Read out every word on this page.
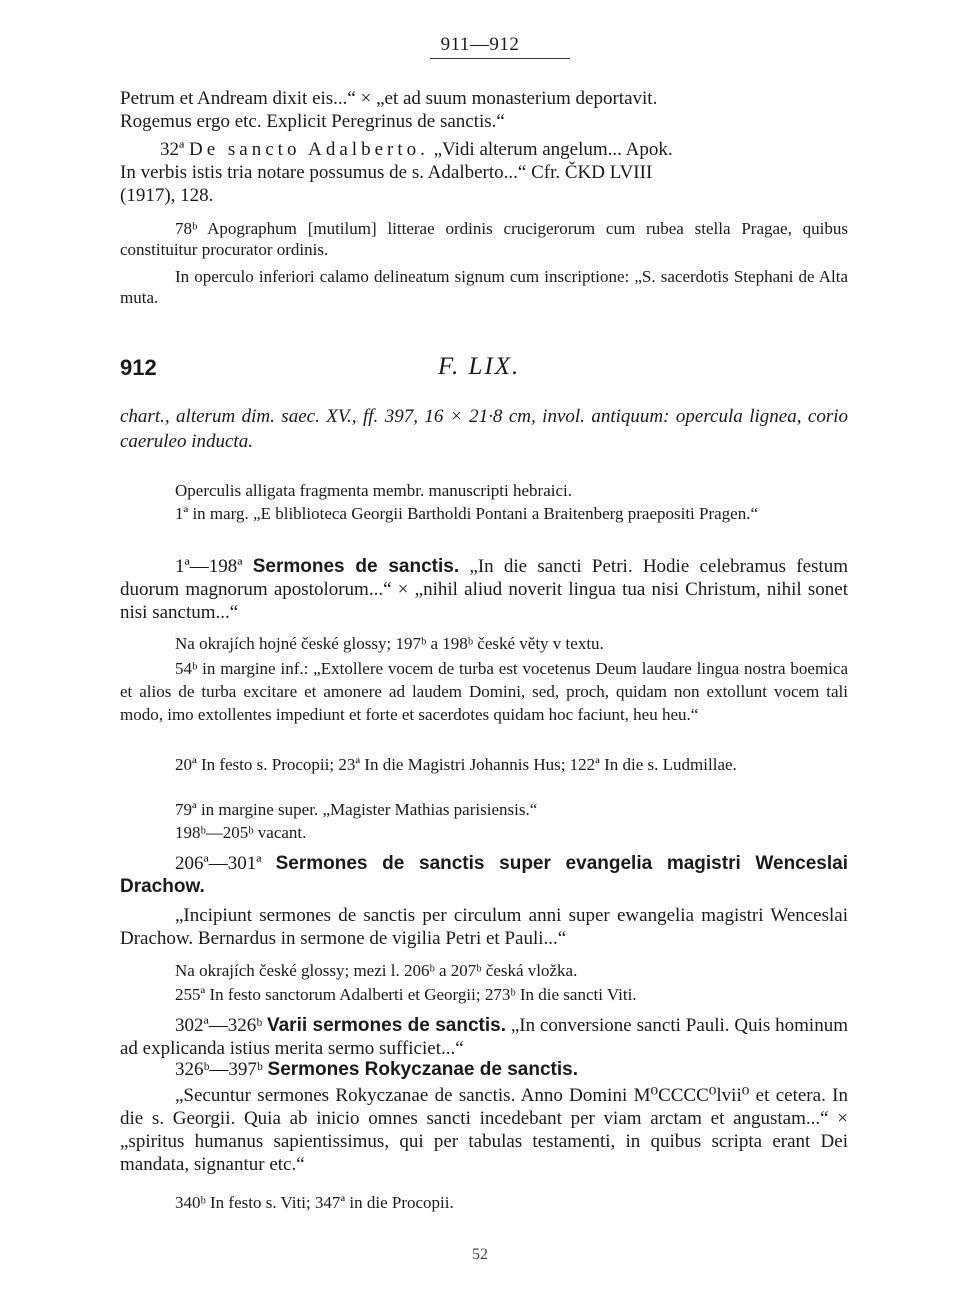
911—912

Petrum et Andream dixit eis...“ × „et ad suum monasterium deportavit.

Rogemus ergo etc. Explicit Peregrinus de sanctis.“

32ª De sancto Adalberto. „Vidi alterum angelum... Apok.

In verbis istis tria notare possumus de s. Adalberto...“ Cfr. ČKD LVIII

(1917), 128.

78ᵇ Apographum [mutilum] litterae ordinis crucigerorum cum rubea stella Pragae, quibus constituitur procurator ordinis.

In operculo inferiori calamo delineatum signum cum inscriptione: „S. sacerdotis Stephani de Alta muta.

912	F. LIX.

chart., alterum dim. saec. XV., ff. 397, 16 × 21·8 cm, invol. antiquum: opercula lignea, corio caeruleo inducta.

Operculis alligata fragmenta membr. manuscripti hebraici.

1ª in marg. „E bliblioteca Georgii Bartholdi Pontani a Braitenberg praepositi Pragen.“

1ª—198ª Sermones de sanctis. „In die sancti Petri. Hodie celebramus festum duorum magnorum apostolorum...“ × „nihil aliud noverit lingua tua nisi Christum, nihil sonet nisi sanctum...“

Na okrajích hojné české glossy; 197ᵇ a 198ᵇ české věty v textu.

54ᵇ in margine inf.: „Extollere vocem de turba est vocetenus Deum laudare lingua nostra boemica et alios de turba excitare et amonere ad laudem Domini, sed, proch, quidam non extollunt vocem tali modo, imo extollentes impediunt et forte et sacerdotes quidam hoc faciunt, heu heu.“

20ª In festo s. Procopii; 23ª In die Magistri Johannis Hus; 122ª In die s. Ludmillae.

79ª in margine super. „Magister Mathias parisiensis.“

198ᵇ—205ᵇ vacant.

206ª—301ª Sermones de sanctis super evangelia magistri Wenceslai Drachow.

„Incipiunt sermones de sanctis per circulum anni super ewangelia magistri Wenceslai Drachow. Bernardus in sermone de vigilia Petri et Pauli...“

Na okrajích české glossy; mezi l. 206ᵇ a 207ᵇ česká vložka.

255ª In festo sanctorum Adalberti et Georgii; 273ᵇ In die sancti Viti.

302ª—326ᵇ Varii sermones de sanctis. „In conversione sancti Pauli. Quis hominum ad explicanda istius merita sermo sufficiet...“

326ᵇ—397ᵇ Sermones Rokyczanae de sanctis.

„Secuntur sermones Rokyczanae de sanctis. Anno Domini M⁰CCCC⁰lvii⁰ et cetera. In die s. Georgii. Quia ab inicio omnes sancti incedebant per viam arctam et angustam...“ × „spiritus humanus sapientissimus, qui per tabulas testamenti, in quibus scripta erant Dei mandata, signantur etc.“

340ᵇ In festo s. Viti; 347ª in die Procopii.

52
